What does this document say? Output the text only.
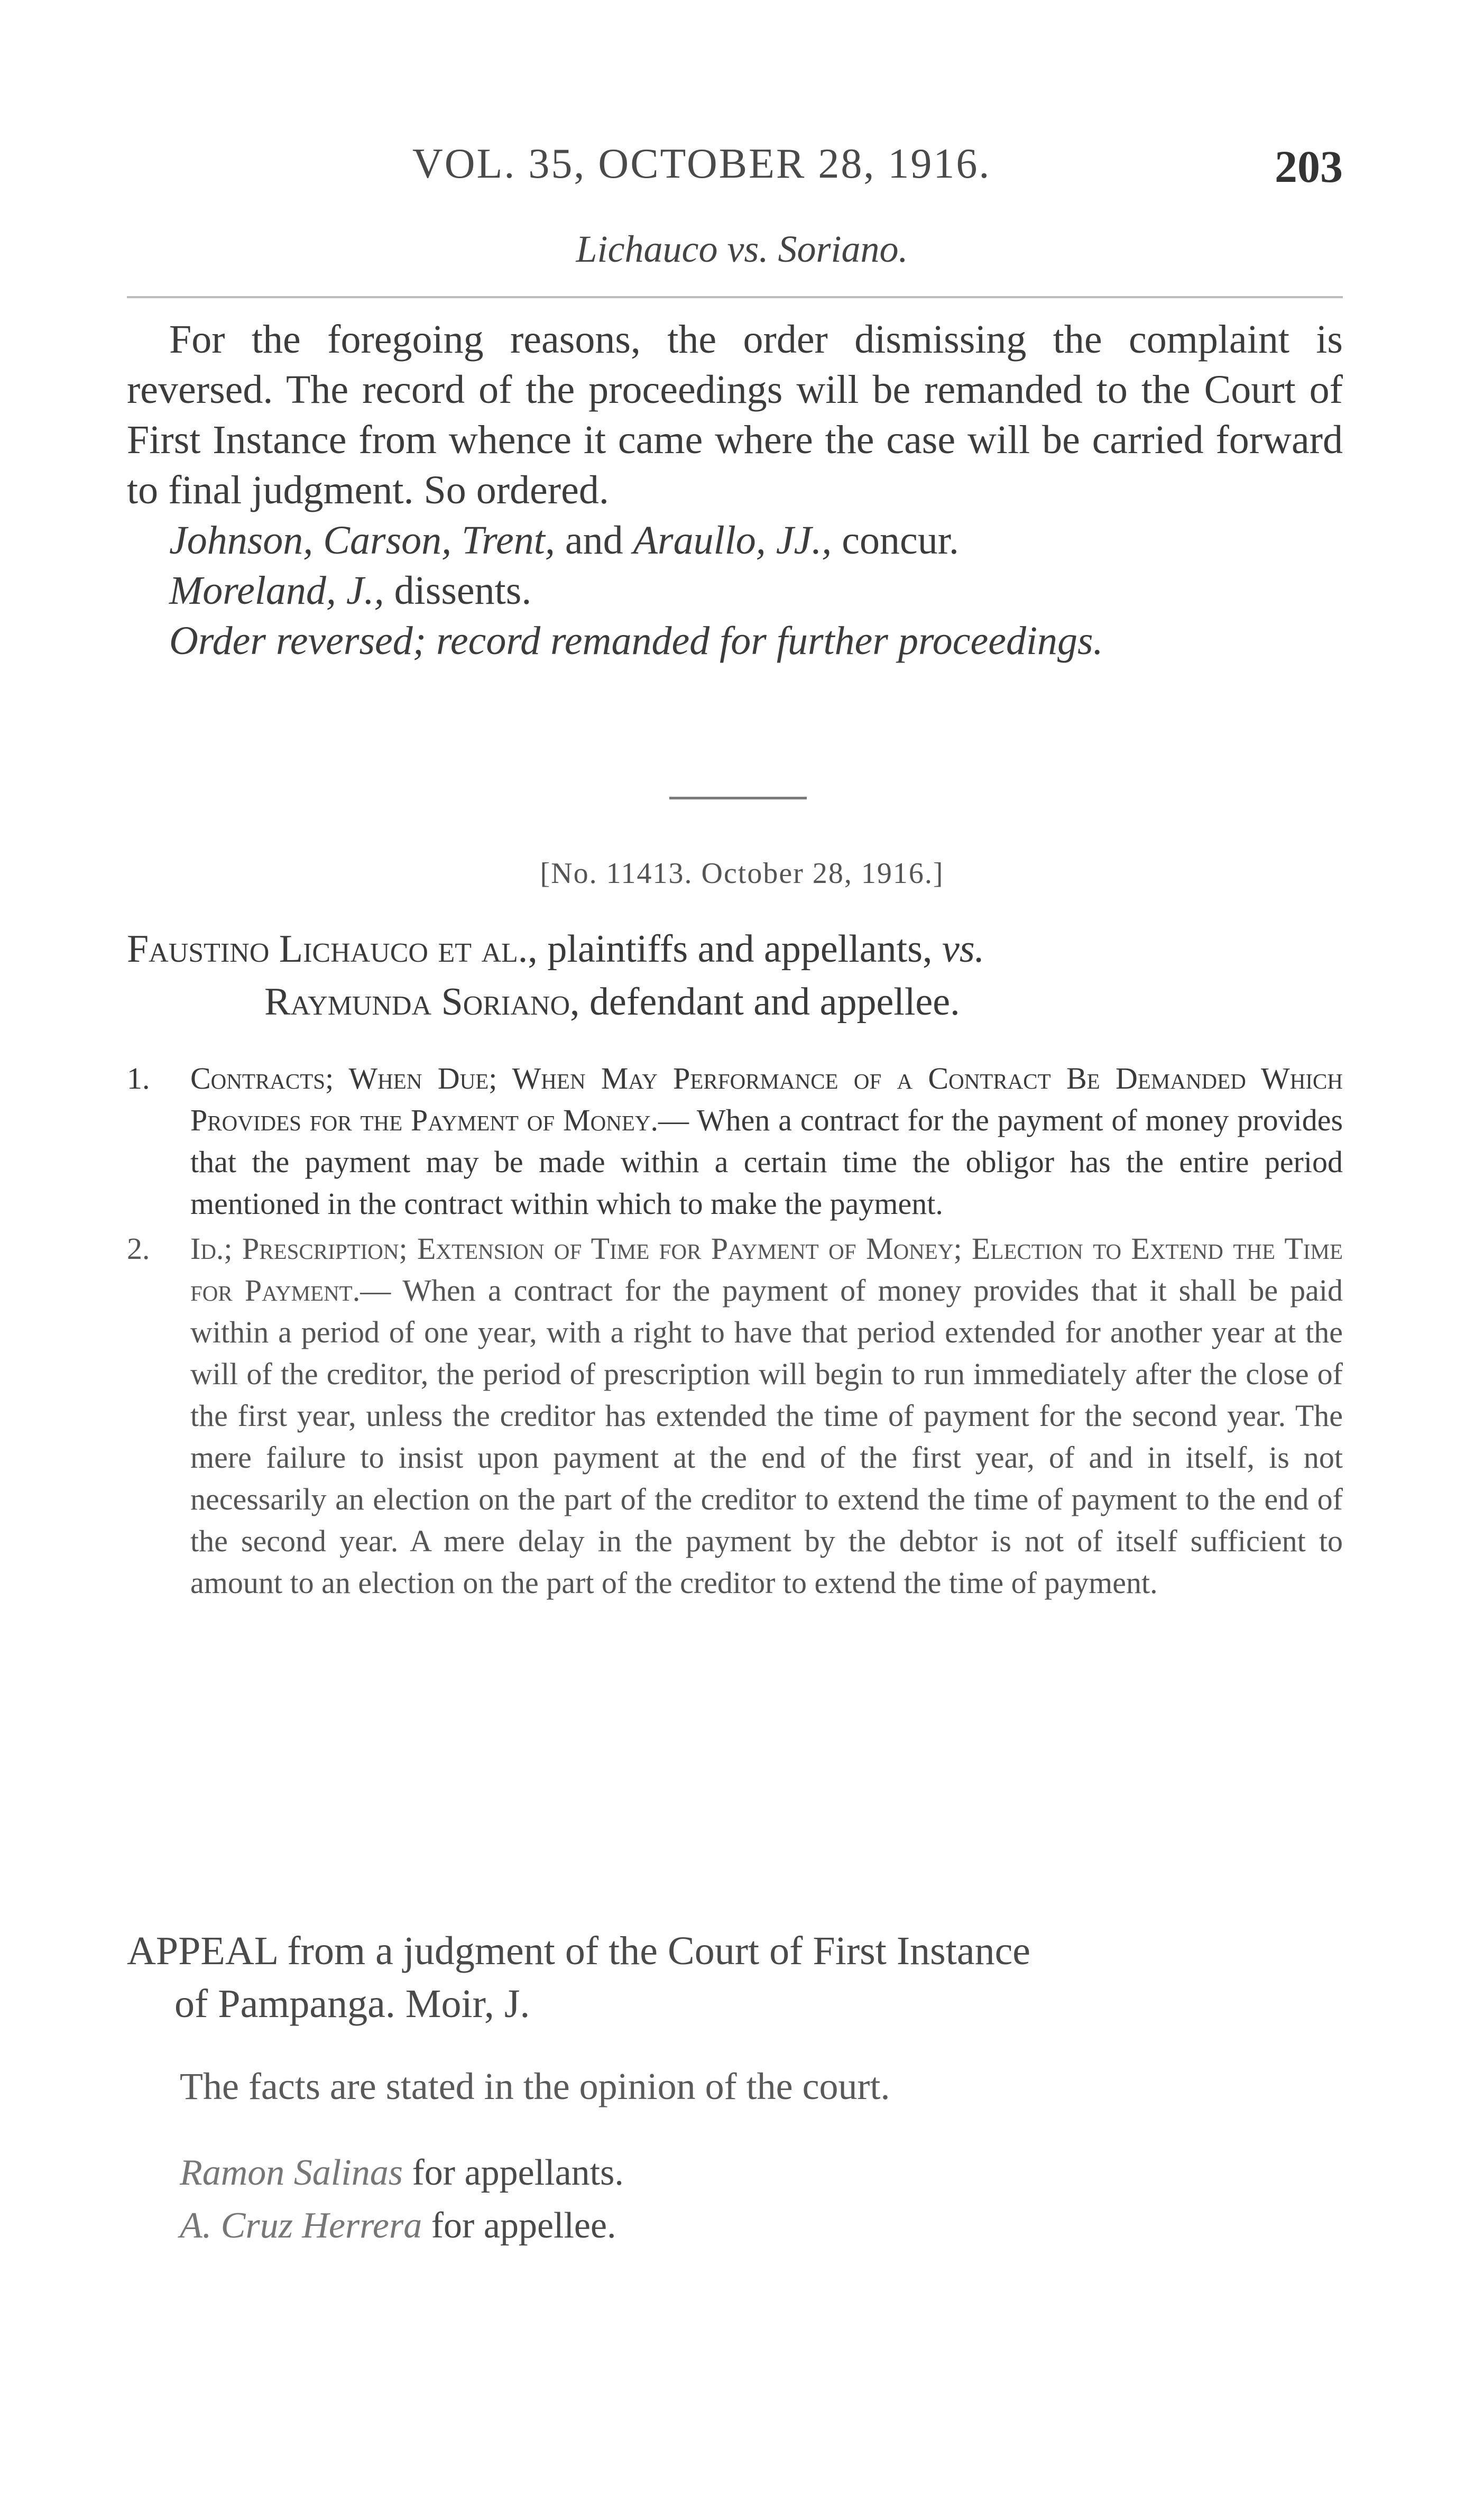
VOL. 35, OCTOBER 28, 1916.	203
Lichauco vs. Soriano.

For the foregoing reasons, the order dismissing the complaint is reversed. The record of the proceedings will be remanded to the Court of First Instance from whence it came where the case will be carried forward to final judgment. So ordered.

Johnson, Carson, Trent, and Araullo, JJ., concur.
Moreland, J., dissents.
Order reversed; record remanded for further proceedings.
[No. 11413. October 28, 1916.]
Faustino Lichauco et al., plaintiffs and appellants, vs.
Raymunda Soriano, defendant and appellee.
1. Contracts; When Due; When May Performance of a Contract Be Demanded Which Provides for the Payment of Money.— When a contract for the payment of money provides that the payment may be made within a certain time the obligor has the entire period mentioned in the contract within which to make the payment.
2. Id.; Prescription; Extension of Time for Payment of Money; Election to Extend the Time for Payment.— When a contract for the payment of money provides that it shall be paid within a period of one year, with a right to have that period extended for another year at the will of the creditor, the period of prescription will begin to run immediately after the close of the first year, unless the creditor has extended the time of payment for the second year. The mere failure to insist upon payment at the end of the first year, of and in itself, is not necessarily an election on the part of the creditor to extend the time of payment to the end of the second year. A mere delay in the payment by the debtor is not of itself sufficient to amount to an election on the part of the creditor to extend the time of payment.
APPEAL from a judgment of the Court of First Instance
of Pampanga. Moir, J.
The facts are stated in the opinion of the court.
Ramon Salinas for appellants.
A. Cruz Herrera for appellee.
